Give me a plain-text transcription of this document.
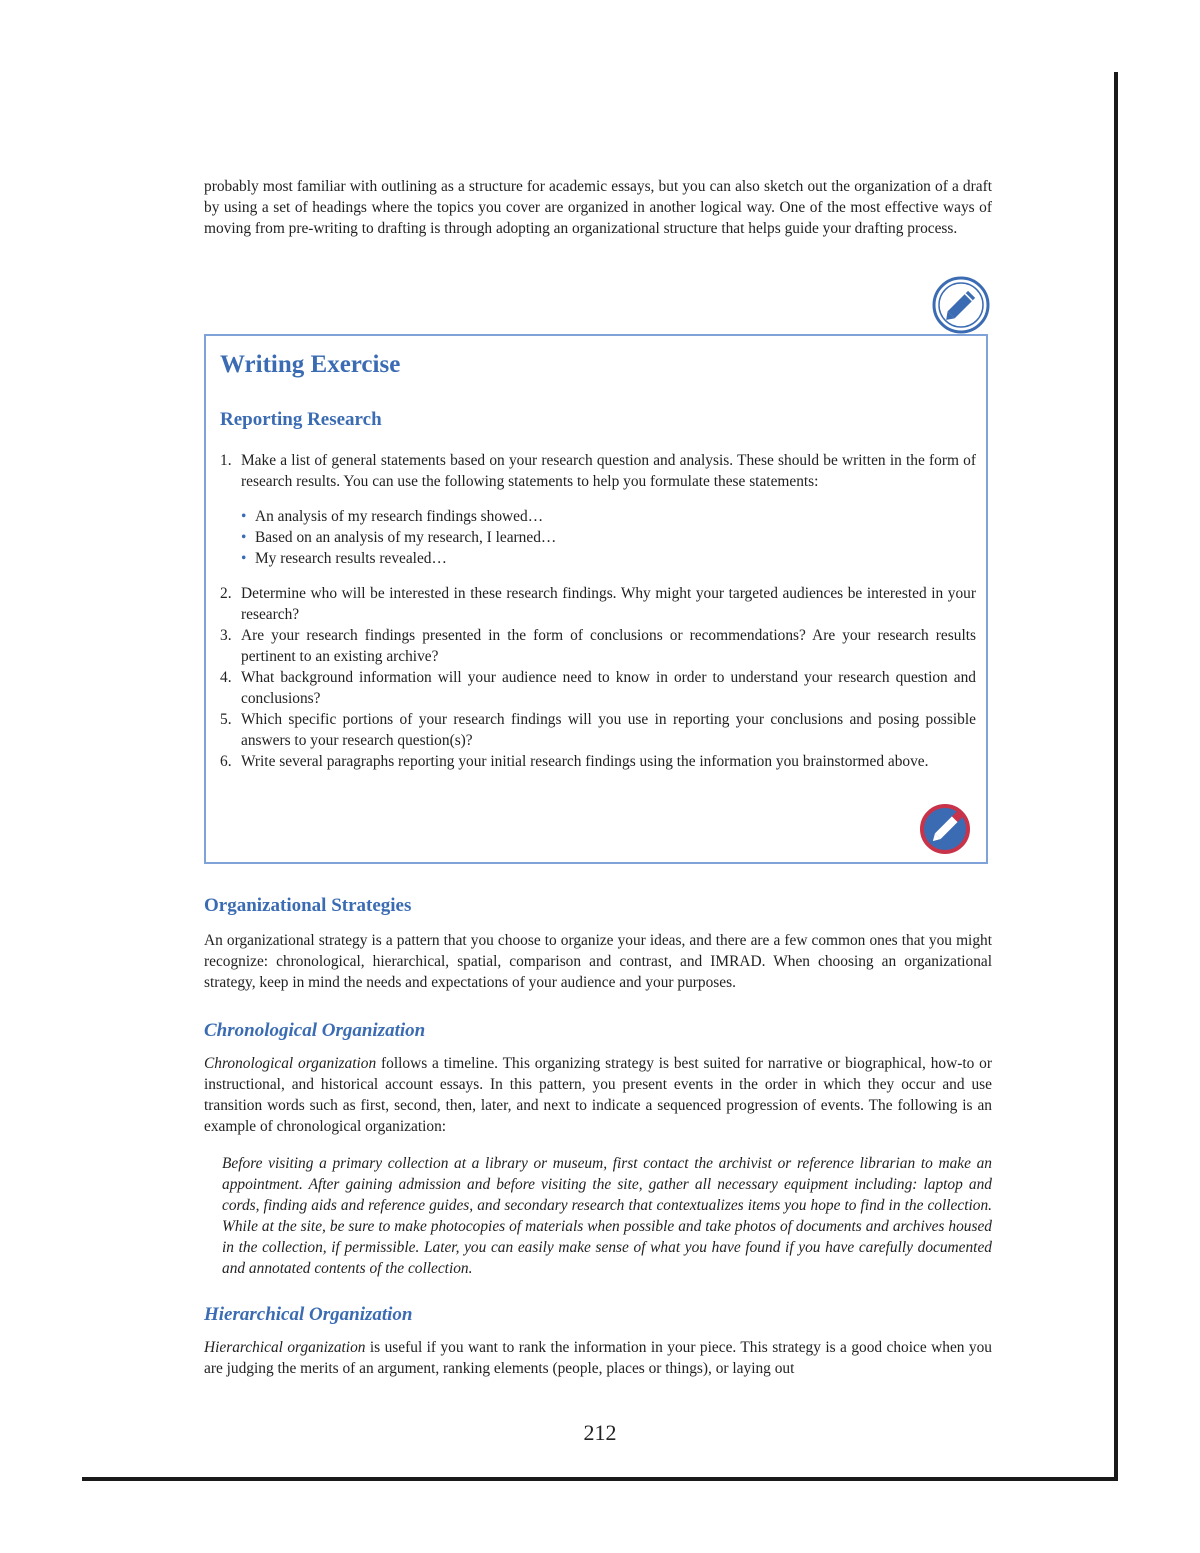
probably most familiar with outlining as a structure for academic essays, but you can also sketch out the organization of a draft by using a set of headings where the topics you cover are organized in another logical way. One of the most effective ways of moving from pre-writing to drafting is through adopting an organizational structure that helps guide your drafting process.

Writing Exercise
Reporting Research
1. Make a list of general statements based on your research question and analysis. These should be written in the form of research results. You can use the following statements to help you formulate these statements:
• An analysis of my research findings showed…
• Based on an analysis of my research, I learned…
• My research results revealed…
2. Determine who will be interested in these research findings. Why might your targeted audiences be interested in your research?
3. Are your research findings presented in the form of conclusions or recommendations? Are your research results pertinent to an existing archive?
4. What background information will your audience need to know in order to understand your research question and conclusions?
5. Which specific portions of your research findings will you use in reporting your conclusions and posing possible answers to your research question(s)?
6. Write several paragraphs reporting your initial research findings using the information you brainstormed above.
Organizational Strategies

An organizational strategy is a pattern that you choose to organize your ideas, and there are a few common ones that you might recognize: chronological, hierarchical, spatial, comparison and contrast, and IMRAD. When choosing an organizational strategy, keep in mind the needs and expectations of your audience and your purposes.

Chronological Organization

Chronological organization follows a timeline. This organizing strategy is best suited for narrative or biographical, how-to or instructional, and historical account essays. In this pattern, you present events in the order in which they occur and use transition words such as first, second, then, later, and next to indicate a sequenced progression of events. The following is an example of chronological organization:

Before visiting a primary collection at a library or museum, first contact the archivist or reference librarian to make an appointment. After gaining admission and before visiting the site, gather all necessary equipment including: laptop and cords, finding aids and reference guides, and secondary research that contextualizes items you hope to find in the collection. While at the site, be sure to make photocopies of materials when possible and take photos of documents and archives housed in the collection, if permissible. Later, you can easily make sense of what you have found if you have carefully documented and annotated contents of the collection.

Hierarchical Organization

Hierarchical organization is useful if you want to rank the information in your piece. This strategy is a good choice when you are judging the merits of an argument, ranking elements (people, places or things), or laying out

212
